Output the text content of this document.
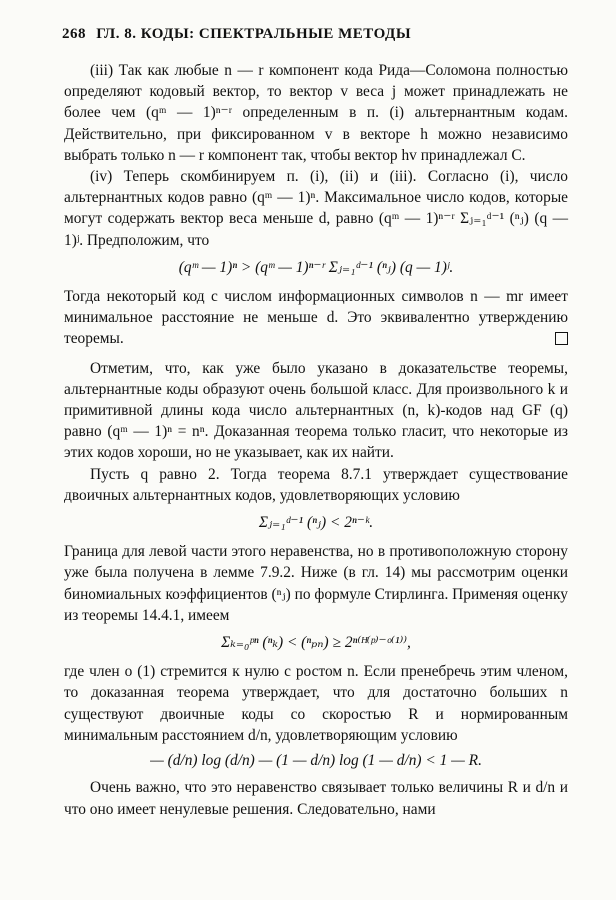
268 ГЛ. 8. КОДЫ: СПЕКТРАЛЬНЫЕ МЕТОДЫ

(iii) Так как любые n — r компонент кода Рида—Соломона полностью определяют кодовый вектор, то вектор v веса j может принадлежать не более чем (qᵐ — 1)ⁿ⁻ʳ определенным в п. (i) альтернантным кодам. Действительно, при фиксированном v в векторе h можно независимо выбрать только n — r компонент так, чтобы вектор hv принадлежал C.

(iv) Теперь скомбинируем п. (i), (ii) и (iii). Согласно (i), число альтернантных кодов равно (qᵐ — 1)ⁿ. Максимальное число кодов, которые могут содержать вектор веса меньше d, равно (qᵐ — 1)ⁿ⁻ʳ Σⱼ₌₁ᵈ⁻¹ (ⁿⱼ) (q — 1)ʲ. Предположим, что

(qᵐ — 1)ⁿ > (qᵐ — 1)ⁿ⁻ʳ Σⱼ₌₁ᵈ⁻¹ (ⁿⱼ) (q — 1)ʲ.

Тогда некоторый код с числом информационных символов n — mr имеет минимальное расстояние не меньше d. Это эквивалентно утверждению теоремы.

Отметим, что, как уже было указано в доказательстве теоремы, альтернантные коды образуют очень большой класс. Для произвольного k и примитивной длины кода число альтернантных (n, k)-кодов над GF (q) равно (qᵐ — 1)ⁿ = nⁿ. Доказанная теорема только гласит, что некоторые из этих кодов хороши, но не указывает, как их найти.

Пусть q равно 2. Тогда теорема 8.7.1 утверждает существование двоичных альтернантных кодов, удовлетворяющих условию

Σⱼ₌₁ᵈ⁻¹ (ⁿⱼ) < 2ⁿ⁻ᵏ.

Граница для левой части этого неравенства, но в противоположную сторону уже была получена в лемме 7.9.2. Ниже (в гл. 14) мы рассмотрим оценки биномиальных коэффициентов (ⁿⱼ) по формуле Стирлинга. Применяя оценку из теоремы 14.4.1, имеем

Σₖ₌₀ᵖⁿ (ⁿₖ) < (ⁿₚₙ) ≥ 2ⁿ⁽ᴴ⁽ᵖ⁾⁻ᵒ⁽¹⁾⁾,

где член o (1) стремится к нулю с ростом n. Если пренебречь этим членом, то доказанная теорема утверждает, что для достаточно больших n существуют двоичные коды со скоростью R и нормированным минимальным расстоянием d/n, удовлетворяющим условию

— (d/n) log (d/n) — (1 — d/n) log (1 — d/n) < 1 — R.

Очень важно, что это неравенство связывает только величины R и d/n и что оно имеет ненулевые решения. Следовательно, нами
